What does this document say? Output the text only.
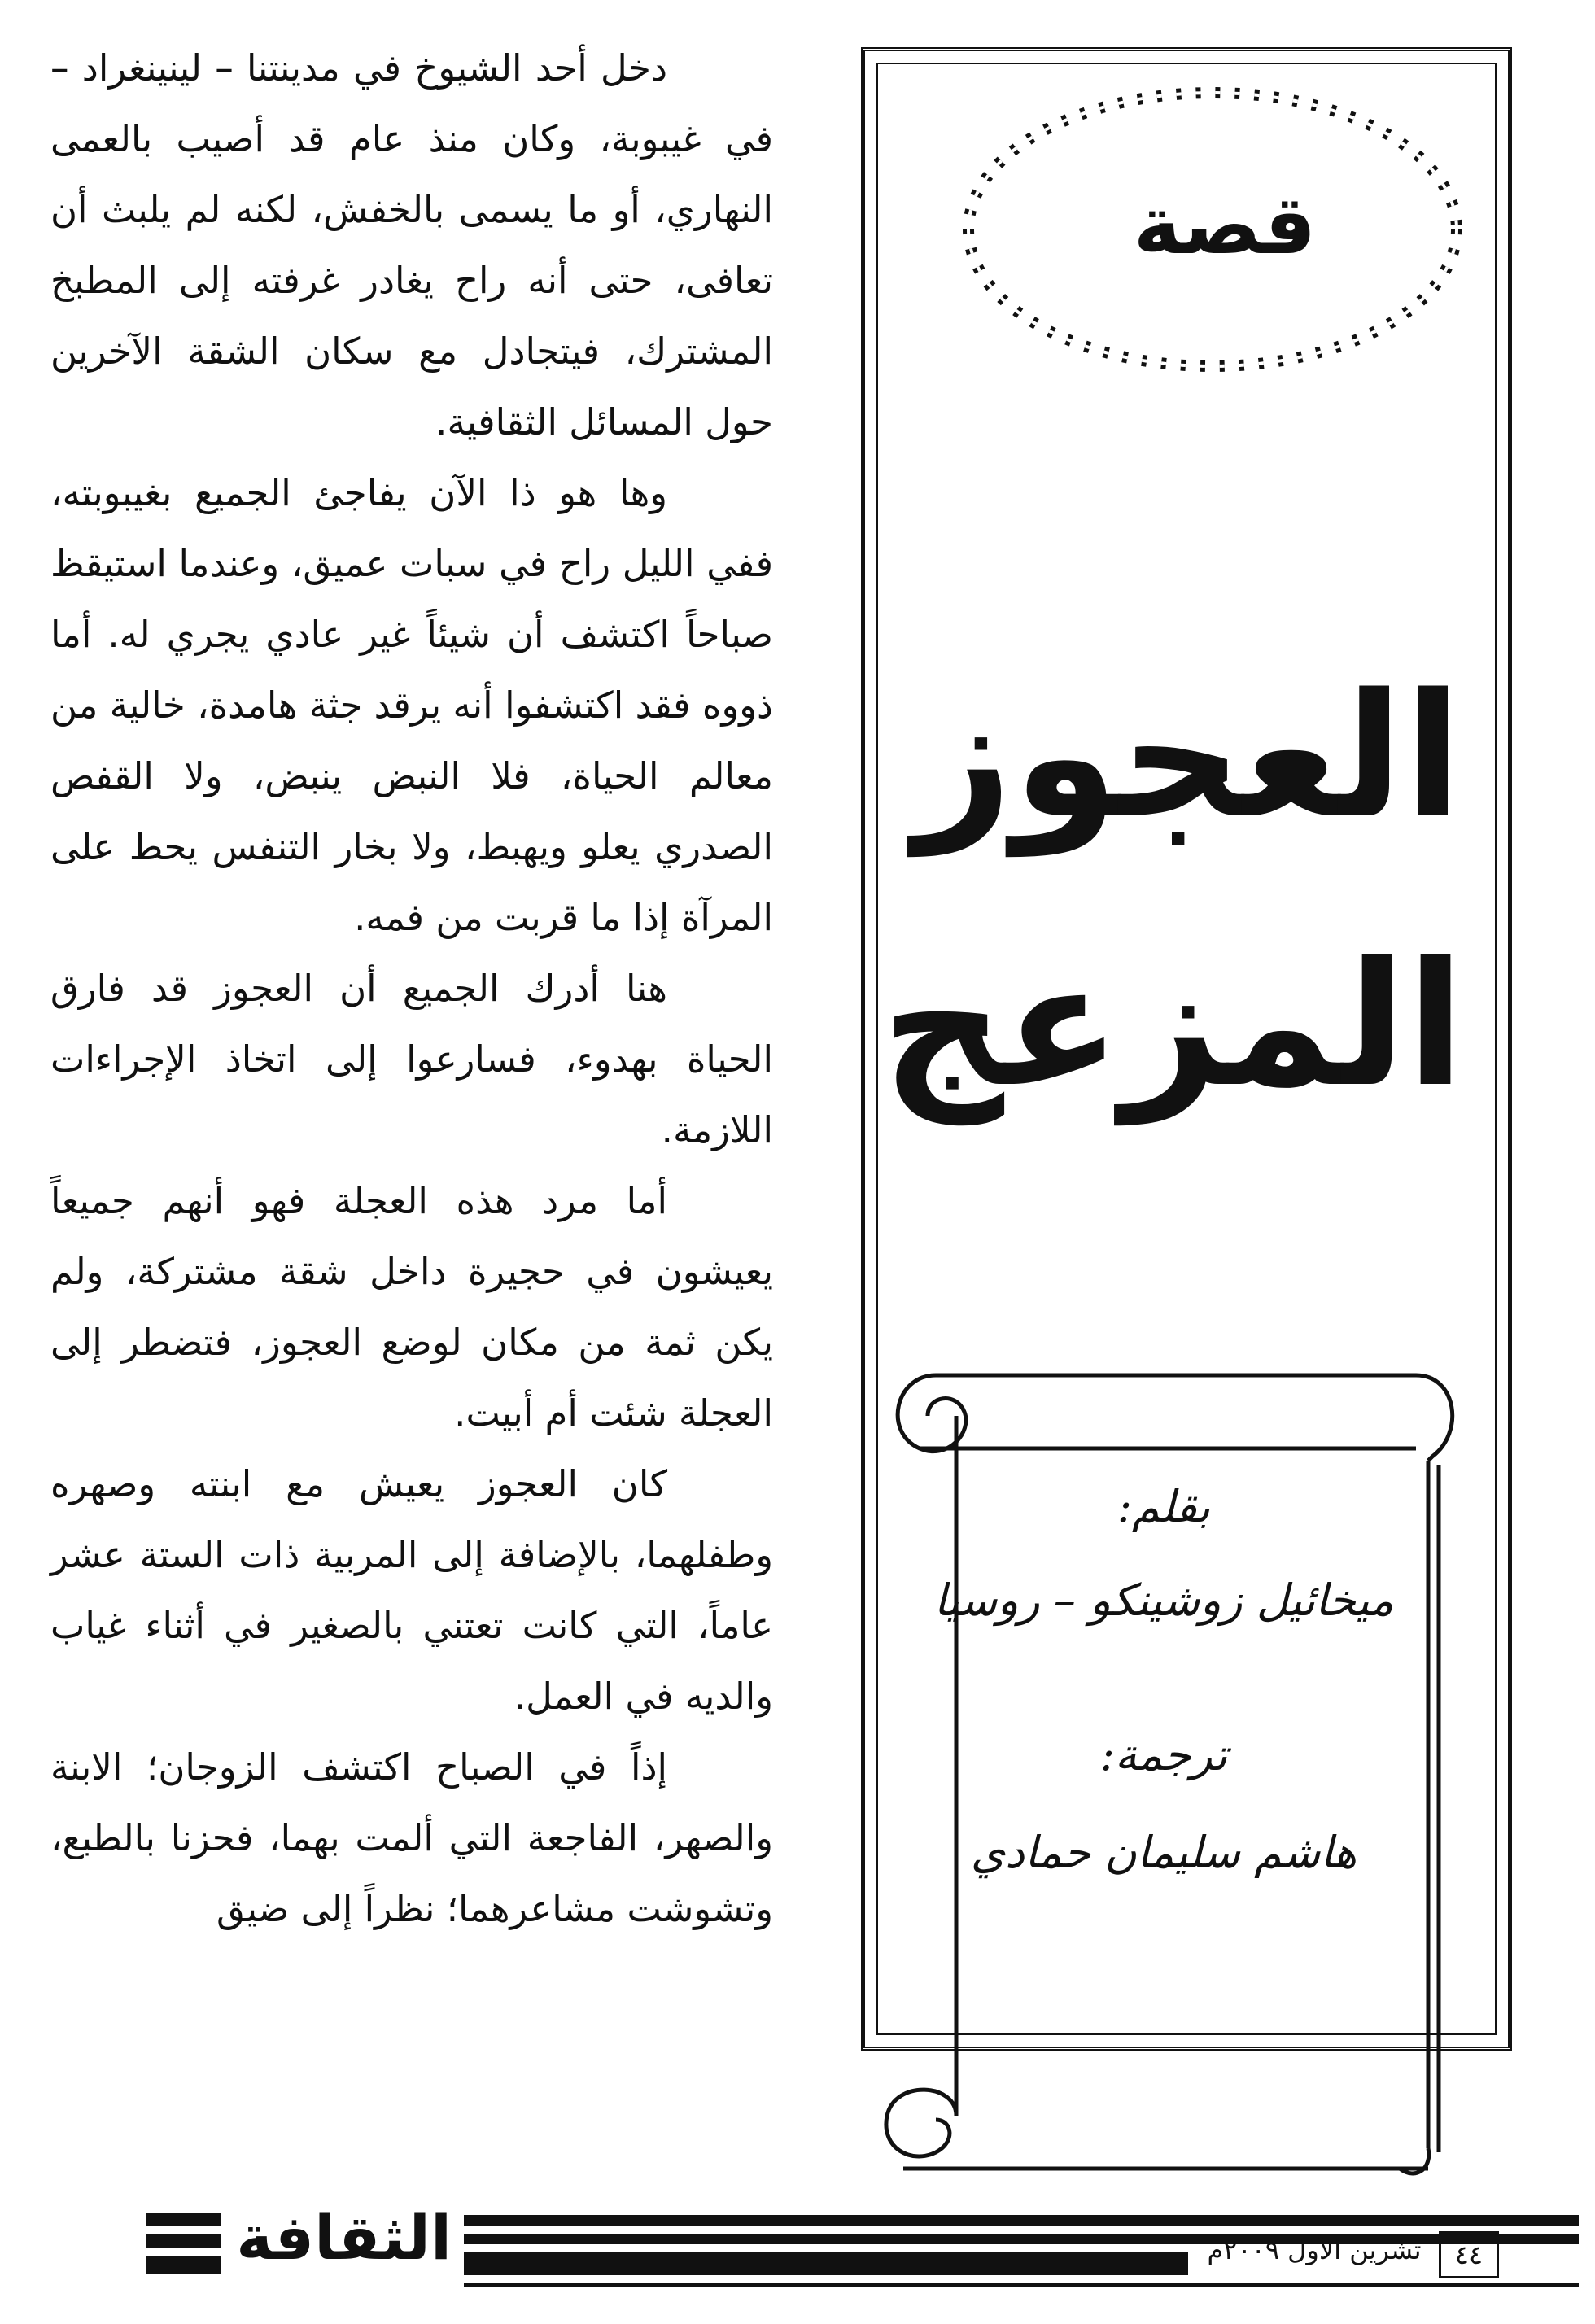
دخل أحد الشيوخ في مدينتنا – لينينغراد – في غيبوبة، وكان منذ عام قد أصيب بالعمى النهاري، أو ما يسمى بالخفش، لكنه لم يلبث أن تعافى، حتى أنه راح يغادر غرفته إلى المطبخ المشترك، فيتجادل مع سكان الشقة الآخرين حول المسائل الثقافية.

وها هو ذا الآن يفاجئ الجميع بغيبوبته، ففي الليل راح في سبات عميق، وعندما استيقظ صباحاً اكتشف أن شيئاً غير عادي يجري له. أما ذووه فقد اكتشفوا أنه يرقد جثة هامدة، خالية من معالم الحياة، فلا النبض ينبض، ولا القفص الصدري يعلو ويهبط، ولا بخار التنفس يحط على المرآة إذا ما قربت من فمه.

هنا أدرك الجميع أن العجوز قد فارق الحياة بهدوء، فسارعوا إلى اتخاذ الإجراءات اللازمة.

أما مرد هذه العجلة فهو أنهم جميعاً يعيشون في حجيرة داخل شقة مشتركة، ولم يكن ثمة من مكان لوضع العجوز، فتضطر إلى العجلة شئت أم أبيت.

كان العجوز يعيش مع ابنته وصهره وطفلهما، بالإضافة إلى المربية ذات الستة عشر عاماً، التي كانت تعتني بالصغير في أثناء غياب والديه في العمل.

إذاً في الصباح اكتشف الزوجان؛ الابنة والصهر، الفاجعة التي ألمت بهما، فحزنا بالطبع، وتشوشت مشاعرهما؛ نظراً إلى ضيق

قصة
العجوز
المزعج
بقلم:
ميخائيل زوشينكو – روسيا
ترجمة:
هاشم سليمان حمادي
الثقافة	تشرين الأول ٢٠٠٩م	٤٤
